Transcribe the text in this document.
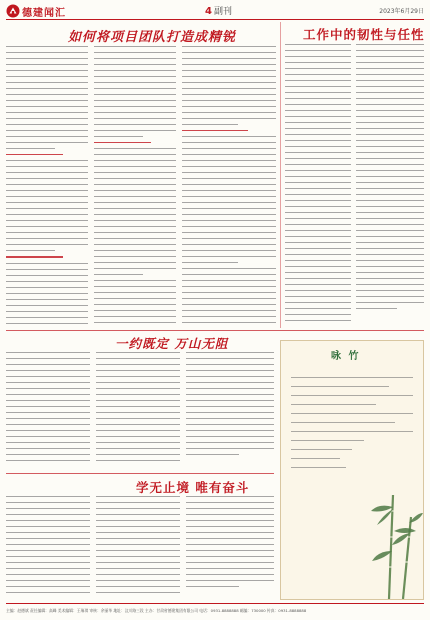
德建闻汇	4 副刊	2023年6月29日
如何将项目团队打造成精锐	工作中的韧性与任性
一约既定 万山无阻
学无止境 唯有奋斗
咏 竹
主编：赵德斌 责任编辑：高峰 美术编辑：王瑞琪 审核：余丽华 地址：汶川路三段 主办：甘肃省德建集团有限公司 电话：0931-8888888 邮编：730000 传真：0931-8888888
